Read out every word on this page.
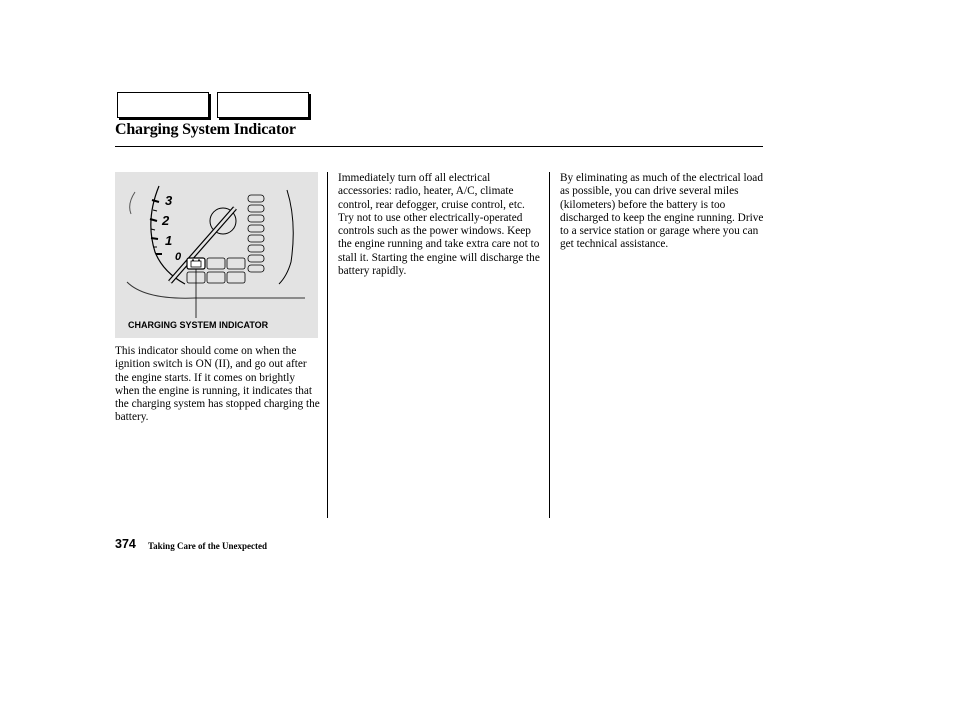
Charging System Indicator
3
2
1
0
CHARGING SYSTEM INDICATOR

This indicator should come on when the ignition switch is ON (II), and go out after the engine starts. If it comes on brightly when the engine is running, it indicates that the charging system has stopped charging the battery.

Immediately turn off all electrical accessories: radio, heater, A/C, climate control, rear defogger, cruise control, etc. Try not to use other electrically-operated controls such as the power windows. Keep the engine running and take extra care not to stall it. Starting the engine will discharge the battery rapidly.

By eliminating as much of the electrical load as possible, you can drive several miles (kilometers) before the battery is too discharged to keep the engine running. Drive to a service station or garage where you can get technical assistance.

374 Taking Care of the Unexpected
